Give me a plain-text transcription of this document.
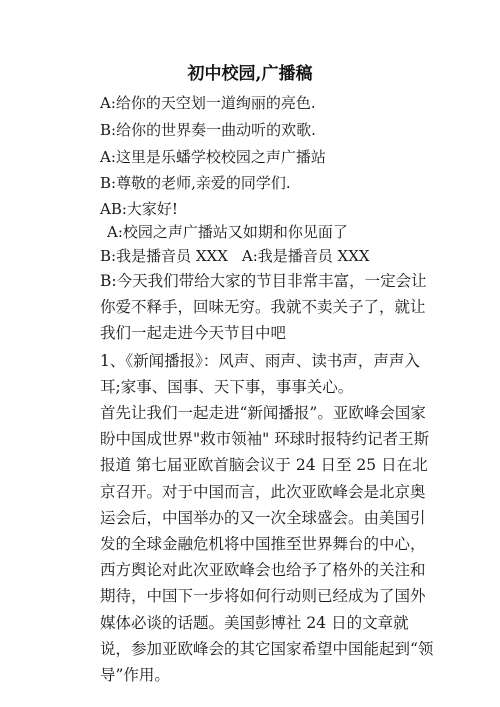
初中校园,广播稿
A:给你的天空划一道绚丽的亮色.
B:给你的世界奏一曲动听的欢歌.
A:这里是乐蟠学校校园之声广播站
B:尊敬的老师,亲爱的同学们.
AB:大家好!
A:校园之声广播站又如期和你见面了
B:我是播音员 XXX A:我是播音员 XXX
B:今天我们带给大家的节目非常丰富，一定会让你爱不释手，回味无穷。我就不卖关子了，就让我们一起走进今天节目中吧
1、《新闻播报》：风声、雨声、读书声，声声入耳;家事、国事、天下事，事事关心。
首先让我们一起走进“新闻播报”。亚欧峰会国家盼中国成世界"救市领袖" 环球时报特约记者王斯报道 第七届亚欧首脑会议于 24 日至 25 日在北京召开。对于中国而言，此次亚欧峰会是北京奥运会后，中国举办的又一次全球盛会。由美国引发的全球金融危机将中国推至世界舞台的中心，西方舆论对此次亚欧峰会也给予了格外的关注和期待，中国下一步将如何行动则已经成为了国外媒体必谈的话题。美国彭博社 24 日的文章就说，参加亚欧峰会的其它国家希望中国能起到“领导”作用。
